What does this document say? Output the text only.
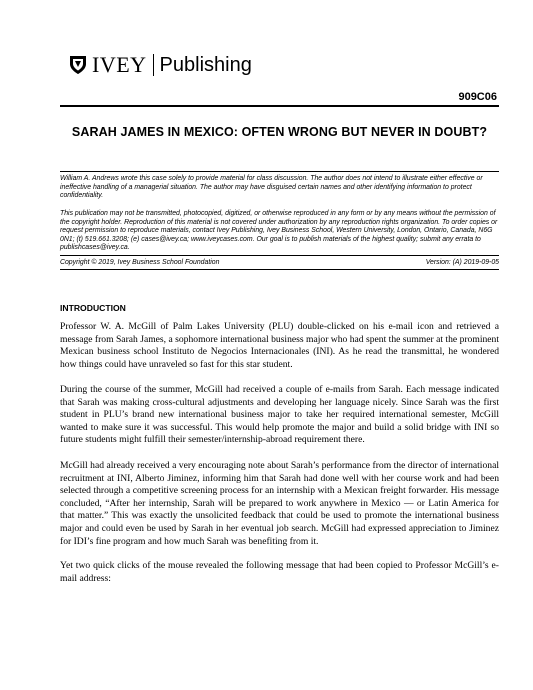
IVEY Publishing
909C06
SARAH JAMES IN MEXICO: OFTEN WRONG BUT NEVER IN DOUBT?

William A. Andrews wrote this case solely to provide material for class discussion. The author does not intend to illustrate either effective or ineffective handling of a managerial situation. The author may have disguised certain names and other identifying information to protect confidentiality.

This publication may not be transmitted, photocopied, digitized, or otherwise reproduced in any form or by any means without the permission of the copyright holder. Reproduction of this material is not covered under authorization by any reproduction rights organization. To order copies or request permission to reproduce materials, contact Ivey Publishing, Ivey Business School, Western University, London, Ontario, Canada, N6G 0N1; (t) 519.661.3208; (e) cases@ivey.ca; www.iveycases.com. Our goal is to publish materials of the highest quality; submit any errata to publishcases@ivey.ca.

Copyright © 2019, Ivey Business School Foundation	Version: (A) 2019-09-05
INTRODUCTION

Professor W. A. McGill of Palm Lakes University (PLU) double-clicked on his e-mail icon and retrieved a message from Sarah James, a sophomore international business major who had spent the summer at the prominent Mexican business school Instituto de Negocios Internacionales (INI). As he read the transmittal, he wondered how things could have unraveled so fast for this star student.

During the course of the summer, McGill had received a couple of e-mails from Sarah. Each message indicated that Sarah was making cross-cultural adjustments and developing her language nicely. Since Sarah was the first student in PLU’s brand new international business major to take her required international semester, McGill wanted to make sure it was successful. This would help promote the major and build a solid bridge with INI so future students might fulfill their semester/internship-abroad requirement there.

McGill had already received a very encouraging note about Sarah’s performance from the director of international recruitment at INI, Alberto Jiminez, informing him that Sarah had done well with her course work and had been selected through a competitive screening process for an internship with a Mexican freight forwarder. His message concluded, “After her internship, Sarah will be prepared to work anywhere in Mexico — or Latin America for that matter.” This was exactly the unsolicited feedback that could be used to promote the international business major and could even be used by Sarah in her eventual job search. McGill had expressed appreciation to Jiminez for IDI’s fine program and how much Sarah was benefiting from it.

Yet two quick clicks of the mouse revealed the following message that had been copied to Professor McGill’s e-mail address:
